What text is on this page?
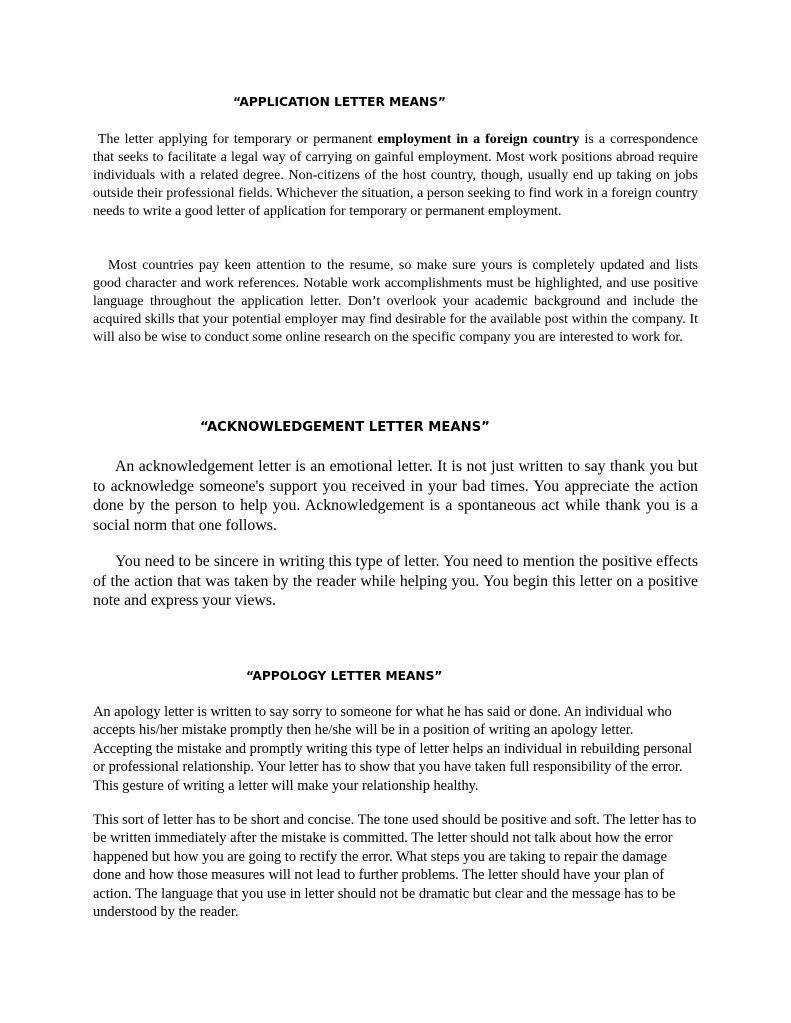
“APPLICATION LETTER MEANS”

The letter applying for temporary or permanent employment in a foreign country is a correspondence that seeks to facilitate a legal way of carrying on gainful employment. Most work positions abroad require individuals with a related degree. Non-citizens of the host country, though, usually end up taking on jobs outside their professional fields. Whichever the situation, a person seeking to find work in a foreign country needs to write a good letter of application for temporary or permanent employment.

Most countries pay keen attention to the resume, so make sure yours is completely updated and lists good character and work references. Notable work accomplishments must be highlighted, and use positive language throughout the application letter. Don’t overlook your academic background and include the acquired skills that your potential employer may find desirable for the available post within the company. It will also be wise to conduct some online research on the specific company you are interested to work for.

“ACKNOWLEDGEMENT LETTER MEANS”

An acknowledgement letter is an emotional letter. It is not just written to say thank you but to acknowledge someone's support you received in your bad times. You appreciate the action done by the person to help you. Acknowledgement is a spontaneous act while thank you is a social norm that one follows.

You need to be sincere in writing this type of letter. You need to mention the positive effects of the action that was taken by the reader while helping you. You begin this letter on a positive note and express your views.

“APPOLOGY LETTER MEANS”

An apology letter is written to say sorry to someone for what he has said or done. An individual who accepts his/her mistake promptly then he/she will be in a position of writing an apology letter. Accepting the mistake and promptly writing this type of letter helps an individual in rebuilding personal or professional relationship. Your letter has to show that you have taken full responsibility of the error. This gesture of writing a letter will make your relationship healthy.

This sort of letter has to be short and concise. The tone used should be positive and soft. The letter has to be written immediately after the mistake is committed. The letter should not talk about how the error happened but how you are going to rectify the error. What steps you are taking to repair the damage done and how those measures will not lead to further problems. The letter should have your plan of action. The language that you use in letter should not be dramatic but clear and the message has to be understood by the reader.
